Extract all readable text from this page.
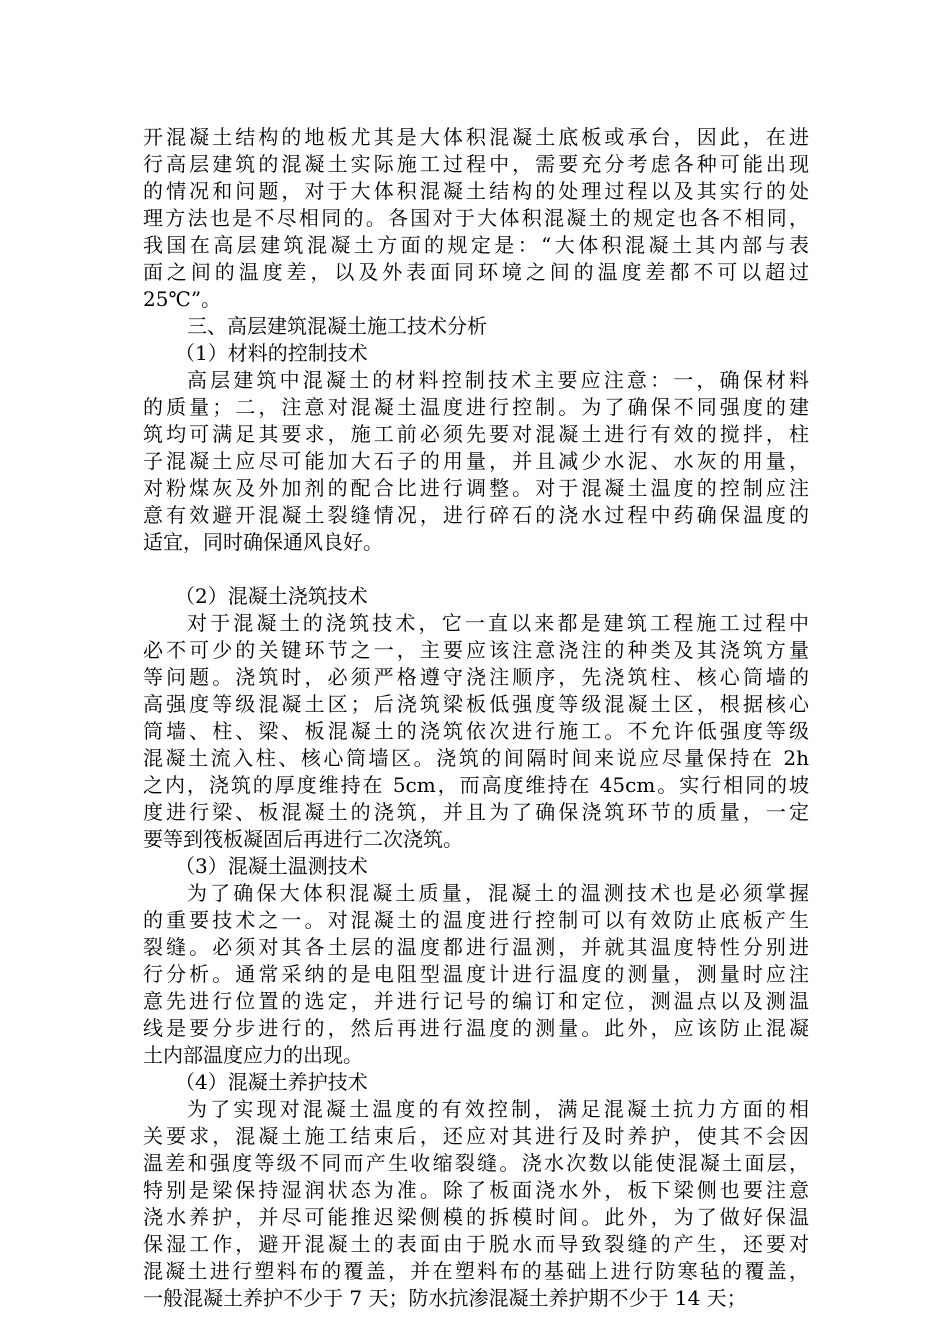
开混凝土结构的地板尤其是大体积混凝土底板或承台，因此，在进
行高层建筑的混凝土实际施工过程中，需要充分考虑各种可能出现
的情况和问题，对于大体积混凝土结构的处理过程以及其实行的处
理方法也是不尽相同的。各国对于大体积混凝土的规定也各不相同，
我国在高层建筑混凝土方面的规定是：“大体积混凝土其内部与表
面之间的温度差，以及外表面同环境之间的温度差都不可以超过
25℃”。
三、高层建筑混凝土施工技术分析
（1）材料的控制技术
高层建筑中混凝土的材料控制技术主要应注意：一，确保材料
的质量；二，注意对混凝土温度进行控制。为了确保不同强度的建
筑均可满足其要求，施工前必须先要对混凝土进行有效的搅拌，柱
子混凝土应尽可能加大石子的用量，并且减少水泥、水灰的用量，
对粉煤灰及外加剂的配合比进行调整。对于混凝土温度的控制应注
意有效避开混凝土裂缝情况，进行碎石的浇水过程中药确保温度的
适宜，同时确保通风良好。
（2）混凝土浇筑技术
对于混凝土的浇筑技术，它一直以来都是建筑工程施工过程中
必不可少的关键环节之一，主要应该注意浇注的种类及其浇筑方量
等问题。浇筑时，必须严格遵守浇注顺序，先浇筑柱、核心筒墙的
高强度等级混凝土区；后浇筑梁板低强度等级混凝土区，根据核心
筒墙、柱、梁、板混凝土的浇筑依次进行施工。不允许低强度等级
混凝土流入柱、核心筒墙区。浇筑的间隔时间来说应尽量保持在 2h
之内，浇筑的厚度维持在 5cm，而高度维持在 45cm。实行相同的坡
度进行梁、板混凝土的浇筑，并且为了确保浇筑环节的质量，一定
要等到筏板凝固后再进行二次浇筑。
（3）混凝土温测技术
为了确保大体积混凝土质量，混凝土的温测技术也是必须掌握
的重要技术之一。对混凝土的温度进行控制可以有效防止底板产生
裂缝。必须对其各土层的温度都进行温测，并就其温度特性分别进
行分析。通常采纳的是电阻型温度计进行温度的测量，测量时应注
意先进行位置的选定，并进行记号的编订和定位，测温点以及测温
线是要分步进行的，然后再进行温度的测量。此外，应该防止混凝
土内部温度应力的出现。
（4）混凝土养护技术
为了实现对混凝土温度的有效控制，满足混凝土抗力方面的相
关要求，混凝土施工结束后，还应对其进行及时养护，使其不会因
温差和强度等级不同而产生收缩裂缝。浇水次数以能使混凝土面层，
特别是梁保持湿润状态为准。除了板面浇水外，板下梁侧也要注意
浇水养护，并尽可能推迟梁侧模的拆模时间。此外，为了做好保温
保湿工作，避开混凝土的表面由于脱水而导致裂缝的产生，还要对
混凝土进行塑料布的覆盖，并在塑料布的基础上进行防寒毡的覆盖，
一般混凝土养护不少于 7 天；防水抗渗混凝土养护期不少于 14 天；
